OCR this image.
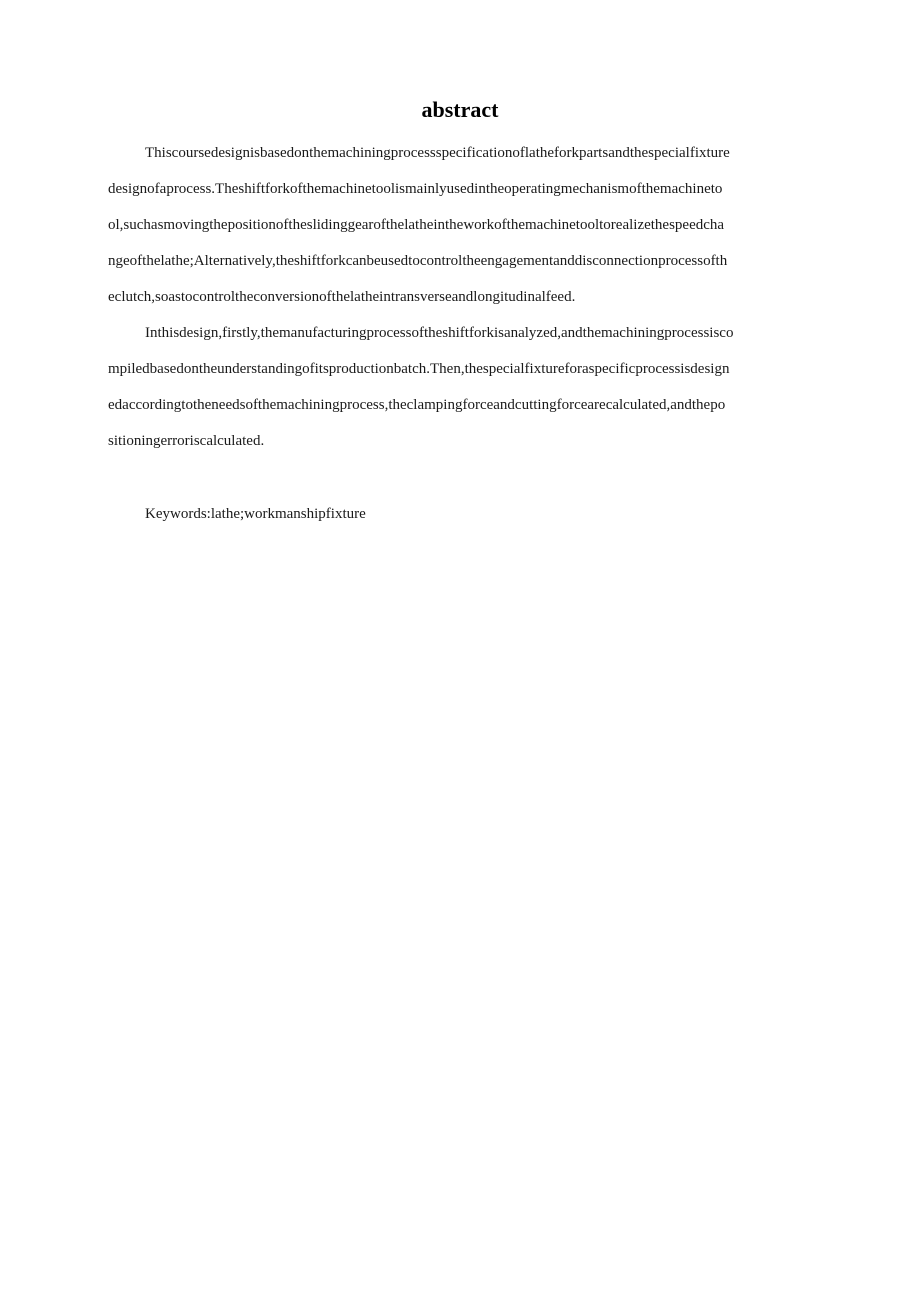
abstract
Thiscoursedesignisbasedonthemachiningprocessspecificationoflatheforkpartsandthespecialfixture
designofaprocess.Theshiftforkofthemachinetoolismainlyusedintheoperatingmechanismofthemachineto
ol,suchasmovingthepositionoftheslidinggearofthelatheintheworkofthemachinetooltorealizethespeedcha
ngeofthelathe;Alternatively,theshiftforkcanbeusedtocontroltheengagementanddisconnectionprocessofth
eclutch,soastocontroltheconversionofthelatheintransverseandlongitudinalfeed.
Inthisdesign,firstly,themanufacturingprocessoftheshiftforkisanalyzed,andthemachiningprocessisco
mpiledbasedontheunderstandingofitsproductionbatch.Then,thespecialfixtureforaspecificprocessisdesign
edaccordingtotheneedsofthemachiningprocess,theclampingforceandcuttingforcearecalculated,andthepo
sitioningerroriscalculated.
Keywords:lathe;workmanshipfixture
